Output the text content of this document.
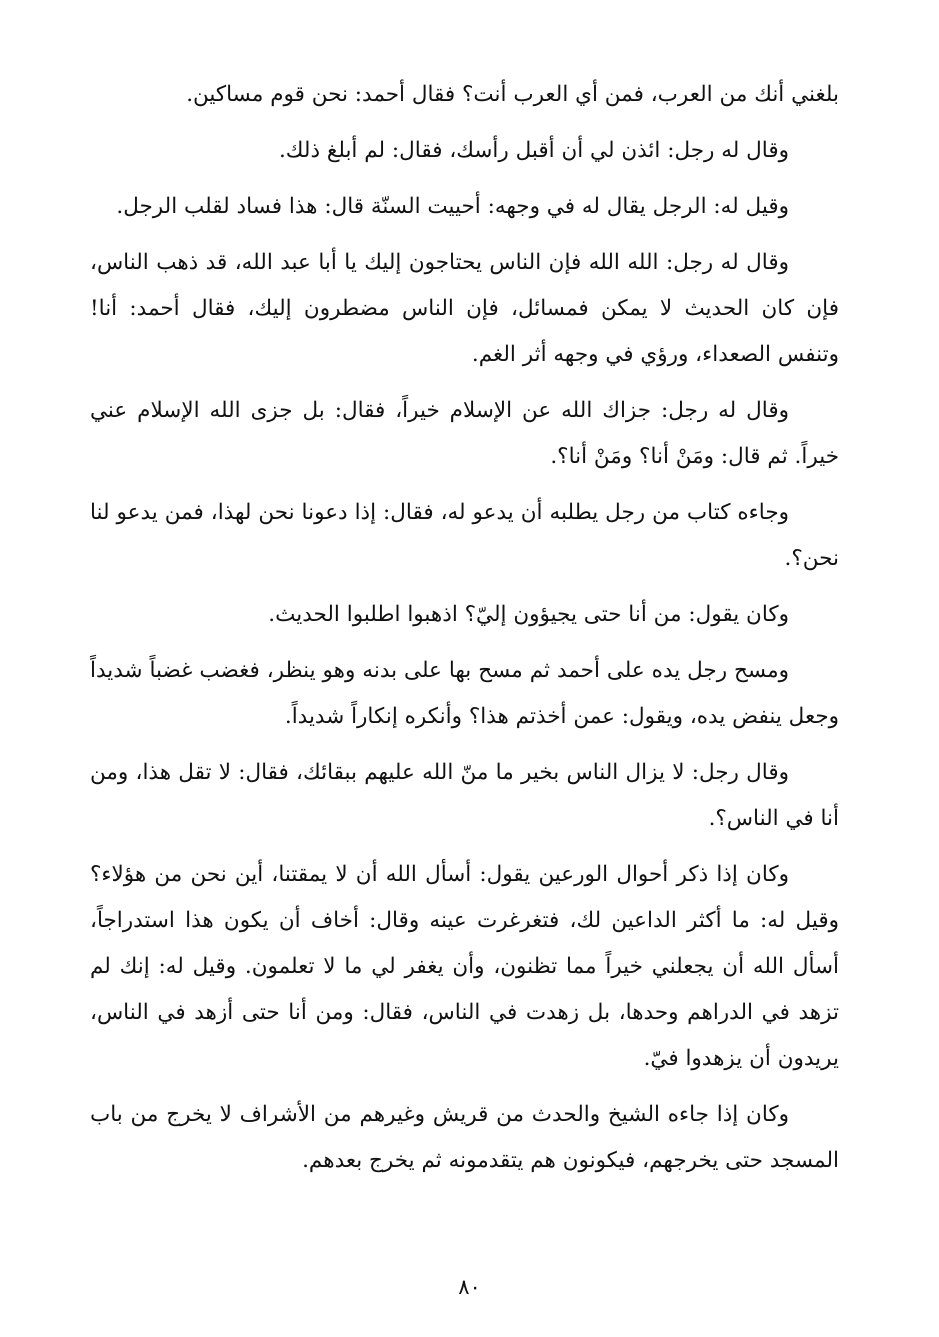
بلغني أنك من العرب، فمن أي العرب أنت؟ فقال أحمد: نحن قوم مساكين.

وقال له رجل: ائذن لي أن أقبل رأسك، فقال: لم أبلغ ذلك.

وقيل له: الرجل يقال له في وجهه: أحييت السنّة قال: هذا فساد لقلب الرجل.

وقال له رجل: الله الله فإن الناس يحتاجون إليك يا أبا عبد الله، قد ذهب الناس، فإن كان الحديث لا يمكن فمسائل، فإن الناس مضطرون إليك، فقال أحمد: أنا! وتنفس الصعداء، ورؤي في وجهه أثر الغم.

وقال له رجل: جزاك الله عن الإسلام خيراً، فقال: بل جزى الله الإسلام عني خيراً. ثم قال: ومَنْ أنا؟ ومَنْ أنا؟.

وجاءه كتاب من رجل يطلبه أن يدعو له، فقال: إذا دعونا نحن لهذا، فمن يدعو لنا نحن؟.

وكان يقول: من أنا حتى يجيؤون إليّ؟ اذهبوا اطلبوا الحديث.

ومسح رجل يده على أحمد ثم مسح بها على بدنه وهو ينظر، فغضب غضباً شديداً وجعل ينفض يده، ويقول: عمن أخذتم هذا؟ وأنكره إنكاراً شديداً.

وقال رجل: لا يزال الناس بخير ما منّ الله عليهم ببقائك، فقال: لا تقل هذا، ومن أنا في الناس؟.

وكان إذا ذكر أحوال الورعين يقول: أسأل الله أن لا يمقتنا، أين نحن من هؤلاء؟ وقيل له: ما أكثر الداعين لك، فتغرغرت عينه وقال: أخاف أن يكون هذا استدراجاً، أسأل الله أن يجعلني خيراً مما تظنون، وأن يغفر لي ما لا تعلمون. وقيل له: إنك لم تزهد في الدراهم وحدها، بل زهدت في الناس، فقال: ومن أنا حتى أزهد في الناس، يريدون أن يزهدوا فيّ.

وكان إذا جاءه الشيخ والحدث من قريش وغيرهم من الأشراف لا يخرج من باب المسجد حتى يخرجهم، فيكونون هم يتقدمونه ثم يخرج بعدهم.

٨٠
